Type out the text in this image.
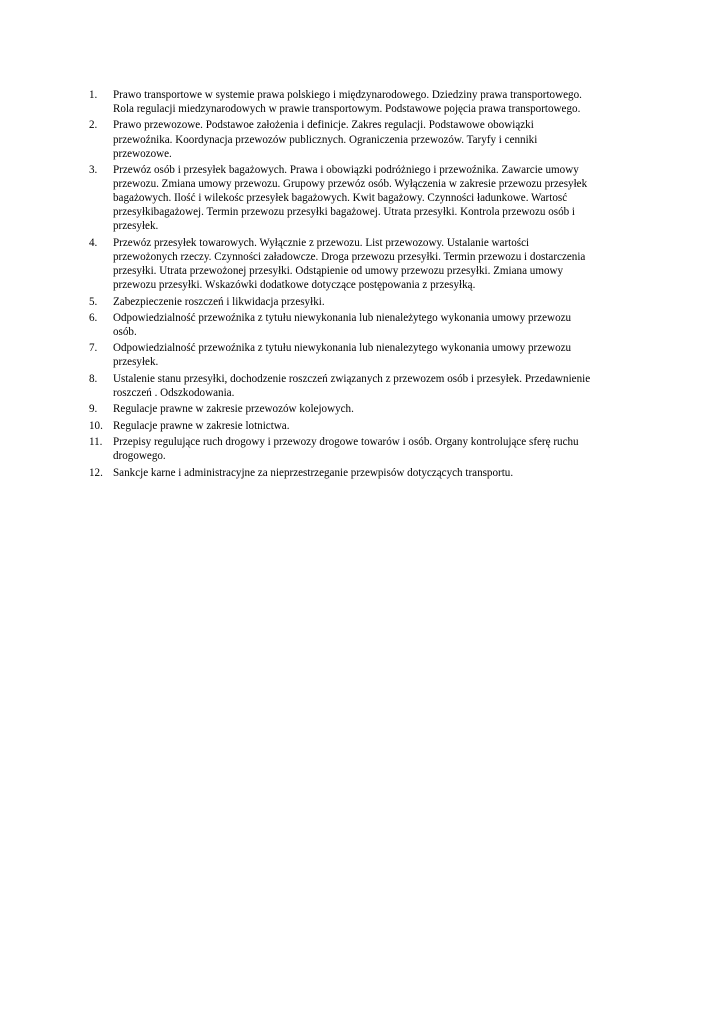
1.	Prawo transportowe w systemie prawa polskiego i międzynarodowego. Dziedziny prawa transportowego.
Rola regulacji miedzynarodowych w prawie transportowym. Podstawowe pojęcia prawa transportowego.
2.	Prawo przewozowe. Podstawoe założenia i definicje. Zakres regulacji. Podstawowe obowiązki
przewoźnika. Koordynacja przewozów publicznych. Ograniczenia przewozów. Taryfy i cenniki
przewozowe.
3.	Przewóz osób i przesyłek bagażowych. Prawa i obowiązki podróżniego i przewoźnika. Zawarcie umowy
przewozu. Zmiana umowy przewozu. Grupowy przewóz osób. Wyłączenia w zakresie przewozu przesyłek
bagażowych. Ilość i wilekośc przesyłek bagażowych. Kwit bagażowy. Czynności ładunkowe. Wartosć
przesyłkibagażowej. Termin przewozu przesyłki bagażowej. Utrata przesyłki. Kontrola przewozu osób i
przesyłek.
4.	Przewóz przesyłek towarowych. Wyłącznie z przewozu. List przewozowy. Ustalanie wartości
przewożonych rzeczy. Czynności załadowcze. Droga przewozu przesyłki. Termin przewozu i dostarczenia
przesyłki. Utrata przewożonej przesyłki. Odstąpienie od umowy przewozu przesyłki. Zmiana umowy
przewozu przesyłki. Wskazówki dodatkowe dotyczące postępowania z przesyłką.
5.	Zabezpieczenie roszczeń i likwidacja przesyłki.
6.	Odpowiedzialność przewoźnika z tytułu niewykonania lub nienależytego wykonania umowy przewozu
osób.
7.	Odpowiedzialność przewoźnika z tytułu niewykonania lub nienalezytego wykonania umowy przewozu
przesyłek.
8.	Ustalenie stanu przesyłki, dochodzenie roszczeń związanych z przewozem osób i przesyłek. Przedawnienie
roszczeń . Odszkodowania.
9.	Regulacje prawne w zakresie przewozów kolejowych.
10. Regulacje prawne w zakresie lotnictwa.
11. Przepisy regulujące ruch drogowy i przewozy drogowe towarów i osób. Organy kontrolujące sferę ruchu
drogowego.
12. Sankcje karne i administracyjne za nieprzestrzeganie przewpisów dotyczących transportu.
